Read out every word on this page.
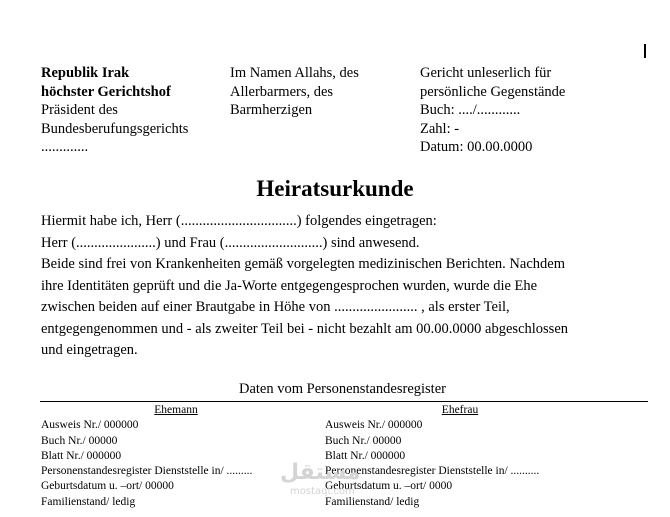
Republik Irak
höchster Gerichtshof
Präsident des
Bundesberufungsgerichts
.............
Im Namen Allahs, des
Allerbarmers, des
Barmherzigen
Gericht unleserlich für
persönliche Gegenstände
Buch: ..../............
Zahl: -
Datum: 00.00.0000
Heiratsurkunde
Hiermit habe ich, Herr (................................) folgendes eingetragen:
Herr (......................) und Frau (...........................) sind anwesend.
Beide sind frei von Krankenheiten gemäß vorgelegten medizinischen Berichten. Nachdem
ihre Identitäten geprüft und die Ja-Worte entgegengesprochen wurden, wurde die Ehe
zwischen beiden auf einer Brautgabe in Höhe von ....................... , als erster Teil,
entgegengenommen und - als zweiter Teil bei - nicht bezahlt am 00.00.0000 abgeschlossen
und eingetragen.
Daten vom Personenstandesregister
Ehemann
Ausweis Nr./ 000000
Buch Nr./ 00000
Blatt Nr./ 000000
Personenstandesregister Dienststelle in/ .........
Geburtsdatum u. –ort/ 00000
Familienstand/ ledig
Ehefrau
Ausweis Nr./ 000000
Buch Nr./ 00000
Blatt Nr./ 000000
Personenstandesregister Dienststelle in/ ..........
Geburtsdatum u. –ort/ 0000
Familienstand/ ledig
مستقل
mostaql.com
